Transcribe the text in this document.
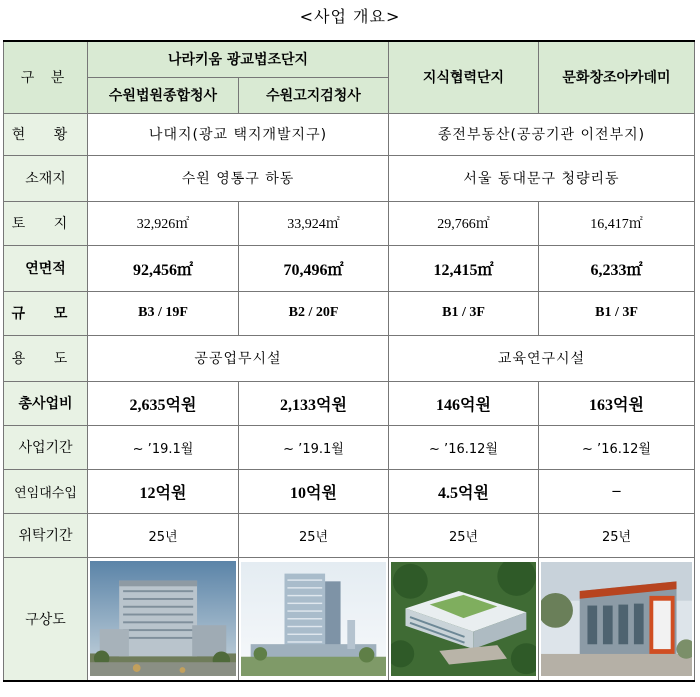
<사업 개요>
구 분	나라키움 광교법조단지		지식협력단지	문화창조아카데미
	수원법원종합청사	수원고지검청사		
현 황	나대지(광교 택지개발지구)		종전부동산(공공기관 이전부지)	
소재지	수원 영통구 하동		서울 동대문구 청량리동	
토 지	32,926㎡	33,924㎡	29,766㎡	16,417㎡
연면적	92,456㎡	70,496㎡	12,415㎡	6,233㎡
규 모	B3 / 19F	B2 / 20F	B1 / 3F	B1 / 3F
용 도	공공업무시설		교육연구시설	
총사업비	2,635억원	2,133억원	146억원	163억원
사업기간	~ ’19.1월	~ ’19.1월	~ ’16.12월	~ ’16.12월
연임대수입	12억원	10억원	4.5억원	–
위탁기간	25년	25년	25년	25년
구상도	
